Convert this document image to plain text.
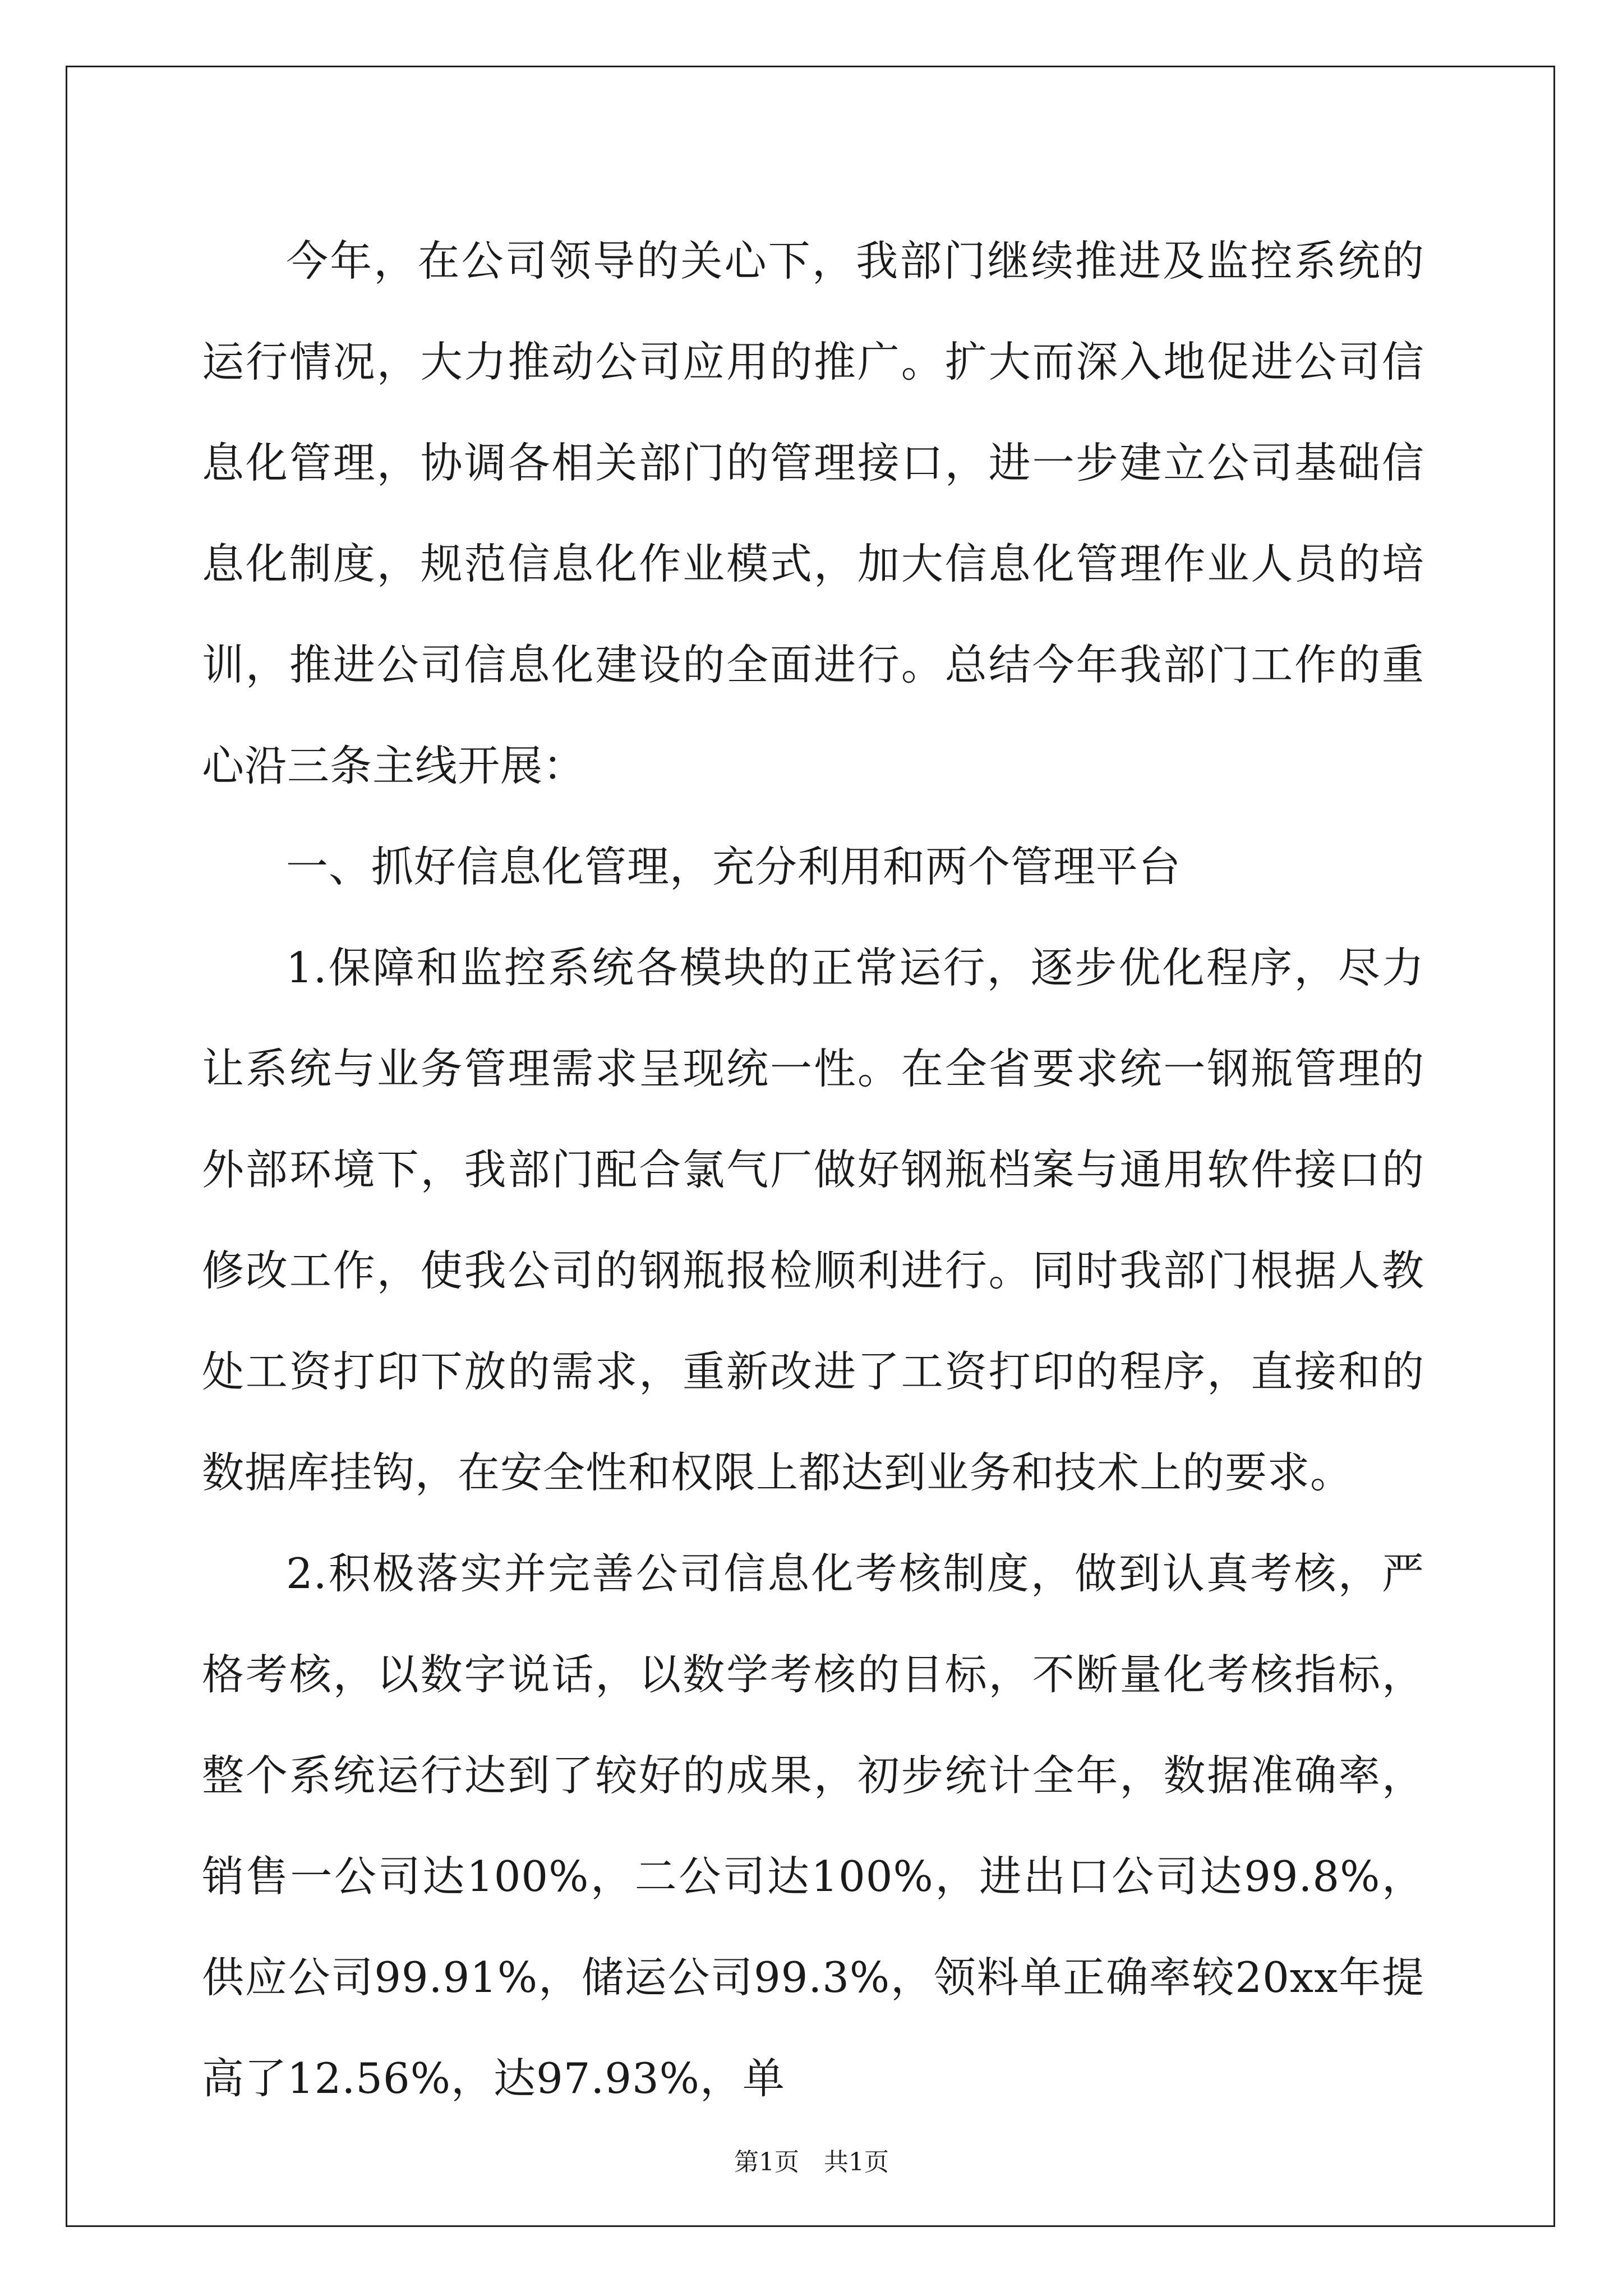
今年，在公司领导的关心下，我部门继续推进及监控系统的运行情况，大力推动公司应用的推广。扩大而深入地促进公司信息化管理，协调各相关部门的管理接口，进一步建立公司基础信息化制度，规范信息化作业模式，加大信息化管理作业人员的培训，推进公司信息化建设的全面进行。总结今年我部门工作的重心沿三条主线开展：

一、抓好信息化管理，充分利用和两个管理平台

1.保障和监控系统各模块的正常运行，逐步优化程序，尽力让系统与业务管理需求呈现统一性。在全省要求统一钢瓶管理的外部环境下，我部门配合氯气厂做好钢瓶档案与通用软件接口的修改工作，使我公司的钢瓶报检顺利进行。同时我部门根据人教处工资打印下放的需求，重新改进了工资打印的程序，直接和的数据库挂钩，在安全性和权限上都达到业务和技术上的要求。

2.积极落实并完善公司信息化考核制度，做到认真考核，严格考核，以数字说话，以数学考核的目标，不断量化考核指标，整个系统运行达到了较好的成果，初步统计全年，数据准确率，销售一公司达100%，二公司达100%，进出口公司达99.8%，供应公司99.91%，储运公司99.3%，领料单正确率较20xx年提高了12.56%，达97.93%，单

第1页　共1页
